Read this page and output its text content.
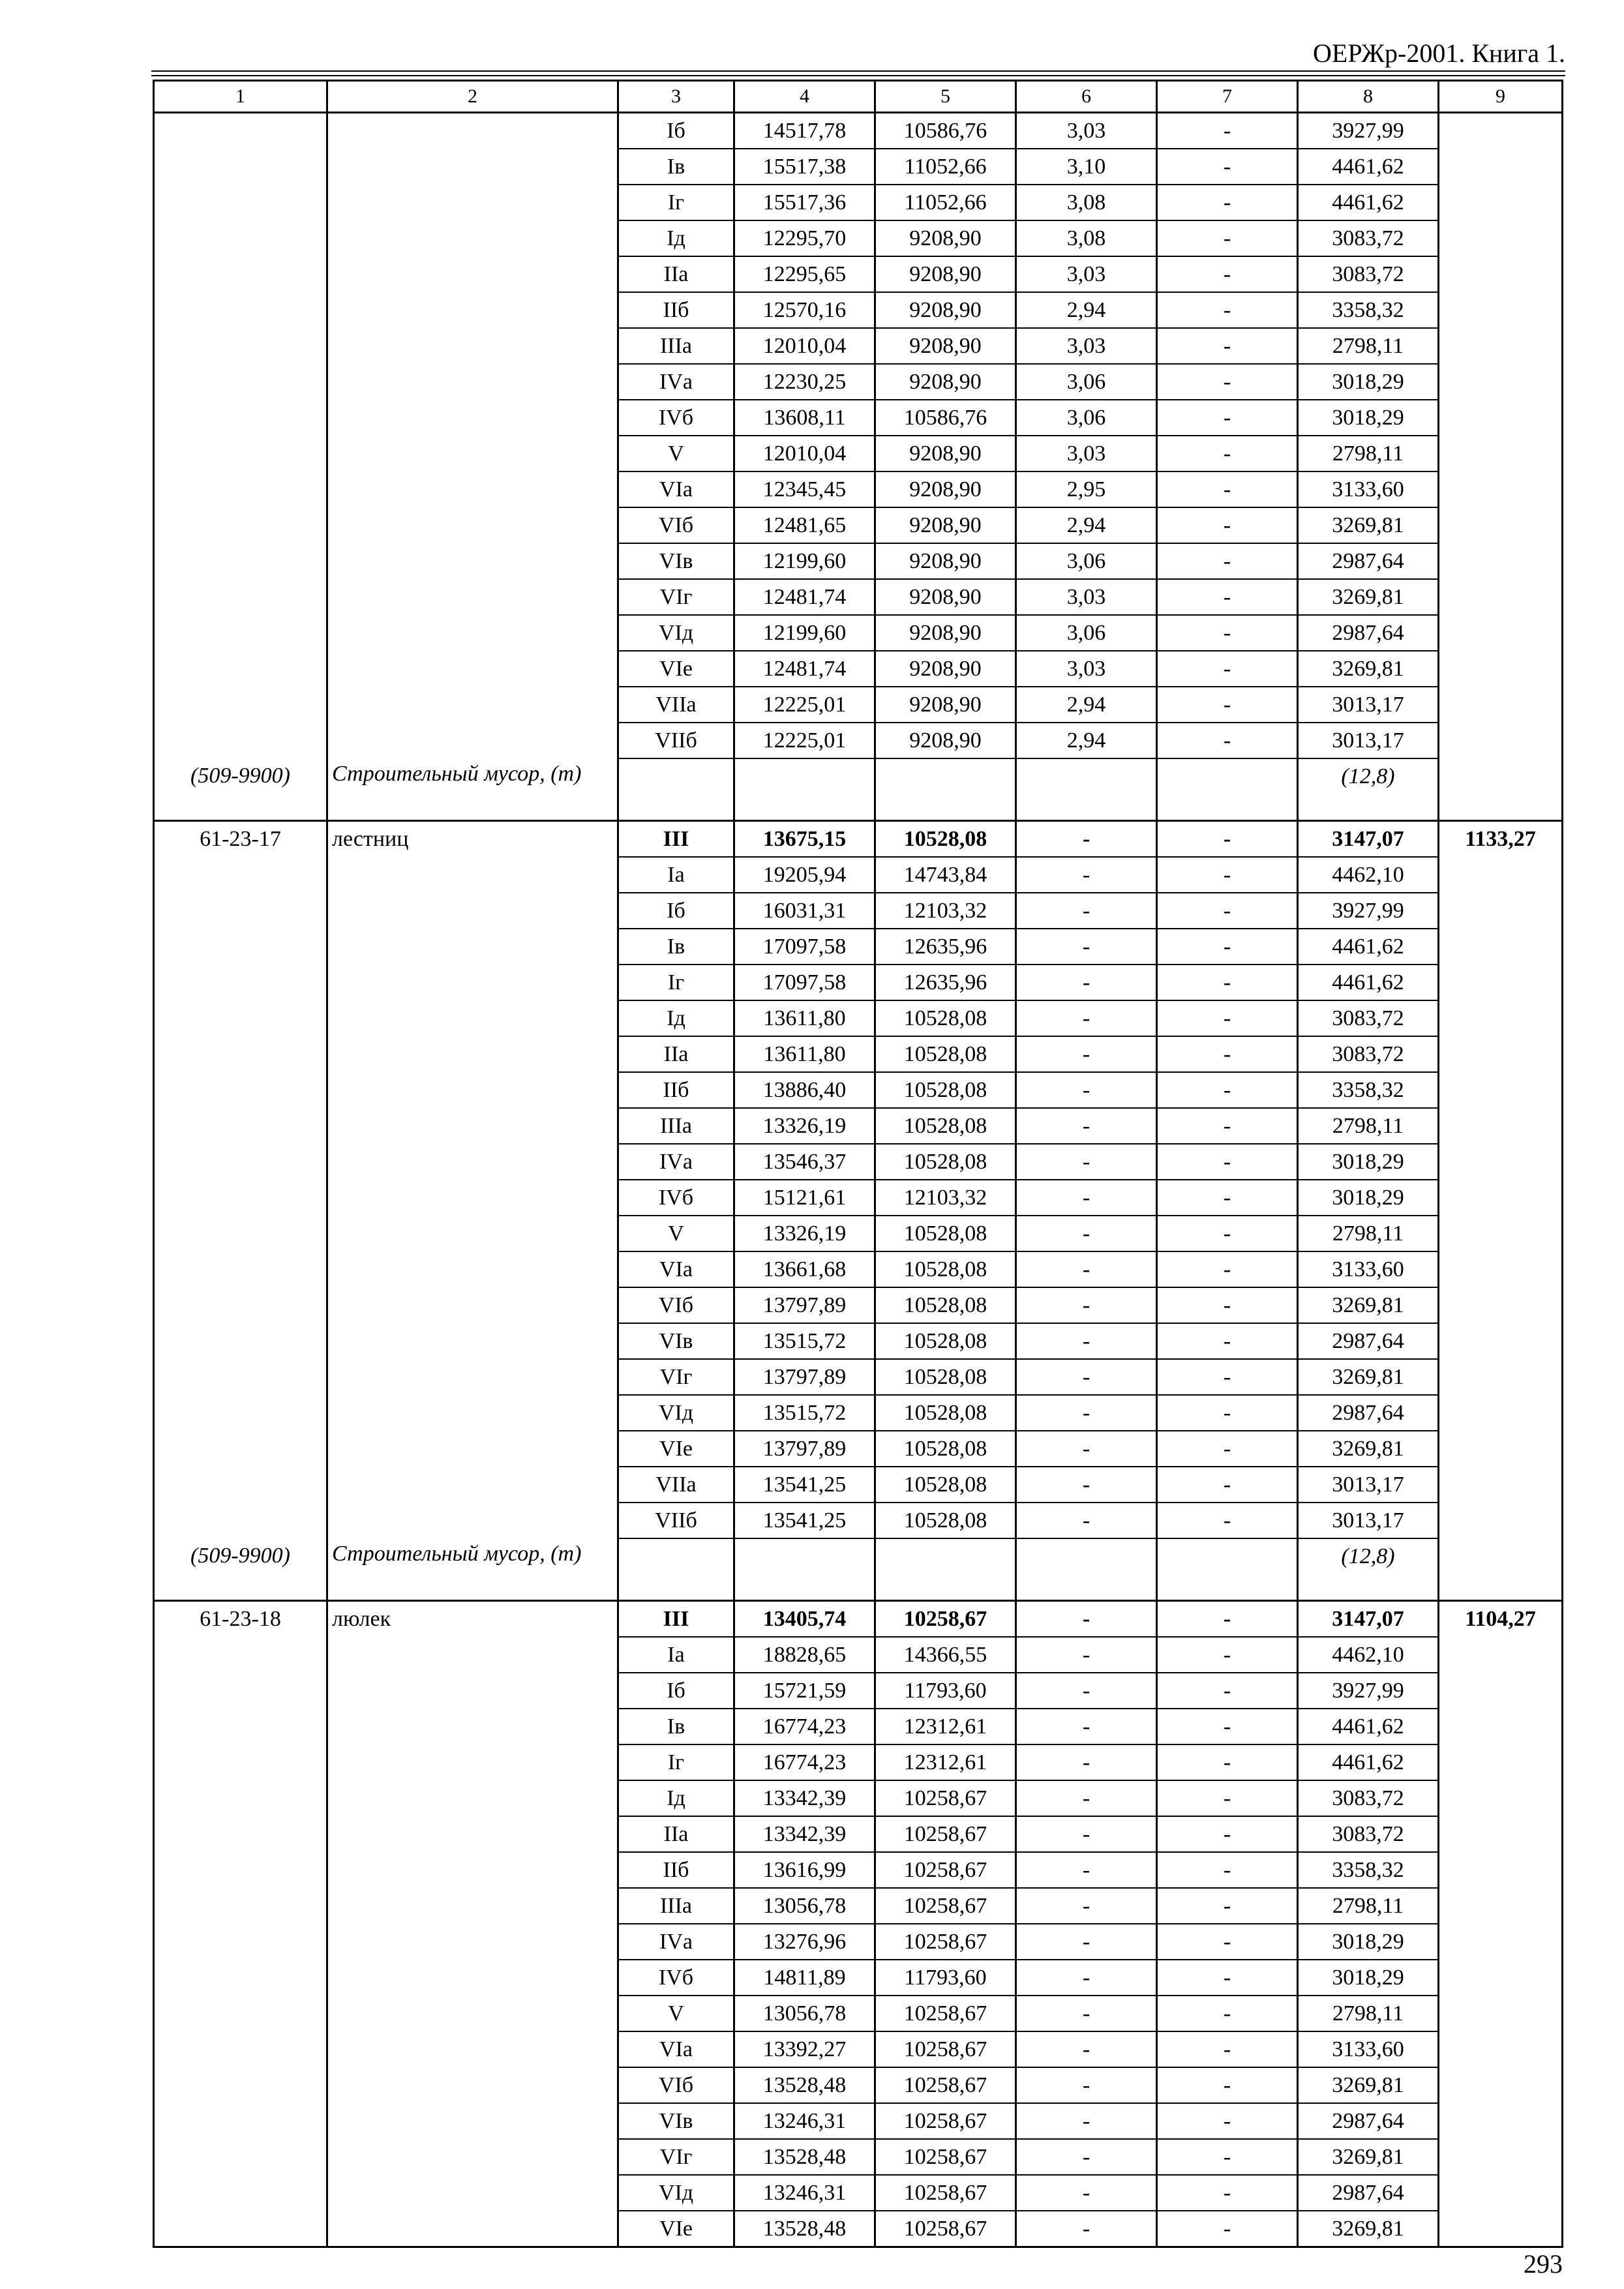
ОЕРЖр-2001. Книга 1.
1	2	3	4	5	6	7	8	9
		Iб	14517,78	10586,76	3,03	-	3927,99	
		Iв	15517,38	11052,66	3,10	-	4461,62	
		Iг	15517,36	11052,66	3,08	-	4461,62	
		Iд	12295,70	9208,90	3,08	-	3083,72	
		IIа	12295,65	9208,90	3,03	-	3083,72	
		IIб	12570,16	9208,90	2,94	-	3358,32	
		IIIа	12010,04	9208,90	3,03	-	2798,11	
		IVа	12230,25	9208,90	3,06	-	3018,29	
		IVб	13608,11	10586,76	3,06	-	3018,29	
		V	12010,04	9208,90	3,03	-	2798,11	
		VIа	12345,45	9208,90	2,95	-	3133,60	
		VIб	12481,65	9208,90	2,94	-	3269,81	
		VIв	12199,60	9208,90	3,06	-	2987,64	
		VIг	12481,74	9208,90	3,03	-	3269,81	
		VIд	12199,60	9208,90	3,06	-	2987,64	
		VIе	12481,74	9208,90	3,03	-	3269,81	
		VIIа	12225,01	9208,90	2,94	-	3013,17	
		VIIб	12225,01	9208,90	2,94	-	3013,17	
(509-9900)	Строительный мусор, (т)						(12,8)	
61-23-17	лестниц	III	13675,15	10528,08	-	-	3147,07	1133,27
		Iа	19205,94	14743,84	-	-	4462,10	
		Iб	16031,31	12103,32	-	-	3927,99	
		Iв	17097,58	12635,96	-	-	4461,62	
		Iг	17097,58	12635,96	-	-	4461,62	
		Iд	13611,80	10528,08	-	-	3083,72	
		IIа	13611,80	10528,08	-	-	3083,72	
		IIб	13886,40	10528,08	-	-	3358,32	
		IIIа	13326,19	10528,08	-	-	2798,11	
		IVа	13546,37	10528,08	-	-	3018,29	
		IVб	15121,61	12103,32	-	-	3018,29	
		V	13326,19	10528,08	-	-	2798,11	
		VIа	13661,68	10528,08	-	-	3133,60	
		VIб	13797,89	10528,08	-	-	3269,81	
		VIв	13515,72	10528,08	-	-	2987,64	
		VIг	13797,89	10528,08	-	-	3269,81	
		VIд	13515,72	10528,08	-	-	2987,64	
		VIе	13797,89	10528,08	-	-	3269,81	
		VIIа	13541,25	10528,08	-	-	3013,17	
		VIIб	13541,25	10528,08	-	-	3013,17	
(509-9900)	Строительный мусор, (т)						(12,8)	
61-23-18	люлек	III	13405,74	10258,67	-	-	3147,07	1104,27
		Iа	18828,65	14366,55	-	-	4462,10	
		Iб	15721,59	11793,60	-	-	3927,99	
		Iв	16774,23	12312,61	-	-	4461,62	
		Iг	16774,23	12312,61	-	-	4461,62	
		Iд	13342,39	10258,67	-	-	3083,72	
		IIа	13342,39	10258,67	-	-	3083,72	
		IIб	13616,99	10258,67	-	-	3358,32	
		IIIа	13056,78	10258,67	-	-	2798,11	
		IVа	13276,96	10258,67	-	-	3018,29	
		IVб	14811,89	11793,60	-	-	3018,29	
		V	13056,78	10258,67	-	-	2798,11	
		VIа	13392,27	10258,67	-	-	3133,60	
		VIб	13528,48	10258,67	-	-	3269,81	
		VIв	13246,31	10258,67	-	-	2987,64	
		VIг	13528,48	10258,67	-	-	3269,81	
		VIд	13246,31	10258,67	-	-	2987,64	
		VIе	13528,48	10258,67	-	-	3269,81	
293
